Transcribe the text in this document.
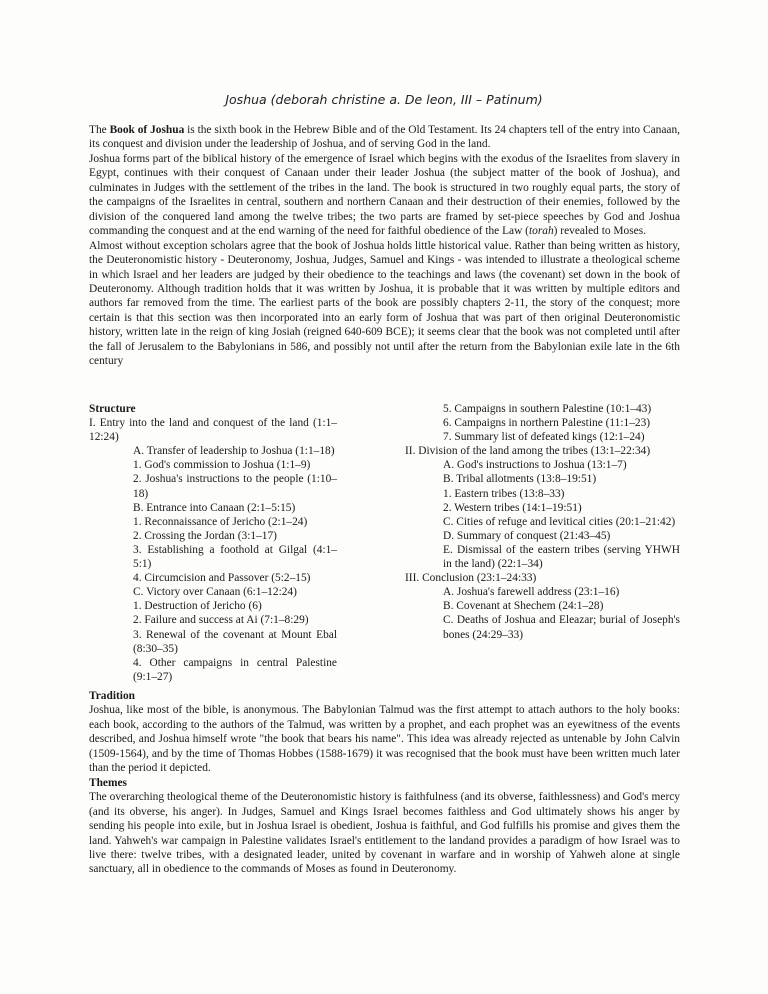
Joshua (deborah christine a. De leon, III – Patinum)

The Book of Joshua is the sixth book in the Hebrew Bible and of the Old Testament. Its 24 chapters tell of the entry into Canaan, its conquest and division under the leadership of Joshua, and of serving God in the land.

Joshua forms part of the biblical history of the emergence of Israel which begins with the exodus of the Israelites from slavery in Egypt, continues with their conquest of Canaan under their leader Joshua (the subject matter of the book of Joshua), and culminates in Judges with the settlement of the tribes in the land. The book is structured in two roughly equal parts, the story of the campaigns of the Israelites in central, southern and northern Canaan and their destruction of their enemies, followed by the division of the conquered land among the twelve tribes; the two parts are framed by set-piece speeches by God and Joshua commanding the conquest and at the end warning of the need for faithful obedience of the Law (torah) revealed to Moses.

Almost without exception scholars agree that the book of Joshua holds little historical value. Rather than being written as history, the Deuteronomistic history - Deuteronomy, Joshua, Judges, Samuel and Kings - was intended to illustrate a theological scheme in which Israel and her leaders are judged by their obedience to the teachings and laws (the covenant) set down in the book of Deuteronomy. Although tradition holds that it was written by Joshua, it is probable that it was written by multiple editors and authors far removed from the time. The earliest parts of the book are possibly chapters 2-11, the story of the conquest; more certain is that this section was then incorporated into an early form of Joshua that was part of then original Deuteronomistic history, written late in the reign of king Josiah (reigned 640-609 BCE); it seems clear that the book was not completed until after the fall of Jerusalem to the Babylonians in 586, and possibly not until after the return from the Babylonian exile late in the 6th century

Structure
I. Entry into the land and conquest of the land (1:1–12:24)
A. Transfer of leadership to Joshua (1:1–18)
1. God's commission to Joshua (1:1–9)
2. Joshua's instructions to the people (1:10–18)
B. Entrance into Canaan (2:1–5:15)
1. Reconnaissance of Jericho (2:1–24)
2. Crossing the Jordan (3:1–17)
3. Establishing a foothold at Gilgal (4:1–5:1)
4. Circumcision and Passover (5:2–15)
C. Victory over Canaan (6:1–12:24)
1. Destruction of Jericho (6)
2. Failure and success at Ai (7:1–8:29)
3. Renewal of the covenant at Mount Ebal (8:30–35)
4. Other campaigns in central Palestine (9:1–27)
5. Campaigns in southern Palestine (10:1–43)
6. Campaigns in northern Palestine (11:1–23)
7. Summary list of defeated kings (12:1–24)
II. Division of the land among the tribes (13:1–22:34)
A. God's instructions to Joshua (13:1–7)
B. Tribal allotments (13:8–19:51)
1. Eastern tribes (13:8–33)
2. Western tribes (14:1–19:51)
C. Cities of refuge and levitical cities (20:1–21:42)
D. Summary of conquest (21:43–45)
E. Dismissal of the eastern tribes (serving YHWH in the land) (22:1–34)
III. Conclusion (23:1–24:33)
A. Joshua's farewell address (23:1–16)
B. Covenant at Shechem (24:1–28)
C. Deaths of Joshua and Eleazar; burial of Joseph's bones (24:29–33)

Tradition

Joshua, like most of the bible, is anonymous. The Babylonian Talmud was the first attempt to attach authors to the holy books: each book, according to the authors of the Talmud, was written by a prophet, and each prophet was an eyewitness of the events described, and Joshua himself wrote "the book that bears his name". This idea was already rejected as untenable by John Calvin (1509-1564), and by the time of Thomas Hobbes (1588-1679) it was recognised that the book must have been written much later than the period it depicted.

Themes

The overarching theological theme of the Deuteronomistic history is faithfulness (and its obverse, faithlessness) and God's mercy (and its obverse, his anger). In Judges, Samuel and Kings Israel becomes faithless and God ultimately shows his anger by sending his people into exile, but in Joshua Israel is obedient, Joshua is faithful, and God fulfills his promise and gives them the land. Yahweh's war campaign in Palestine validates Israel's entitlement to the landand provides a paradigm of how Israel was to live there: twelve tribes, with a designated leader, united by covenant in warfare and in worship of Yahweh alone at single sanctuary, all in obedience to the commands of Moses as found in Deuteronomy.
